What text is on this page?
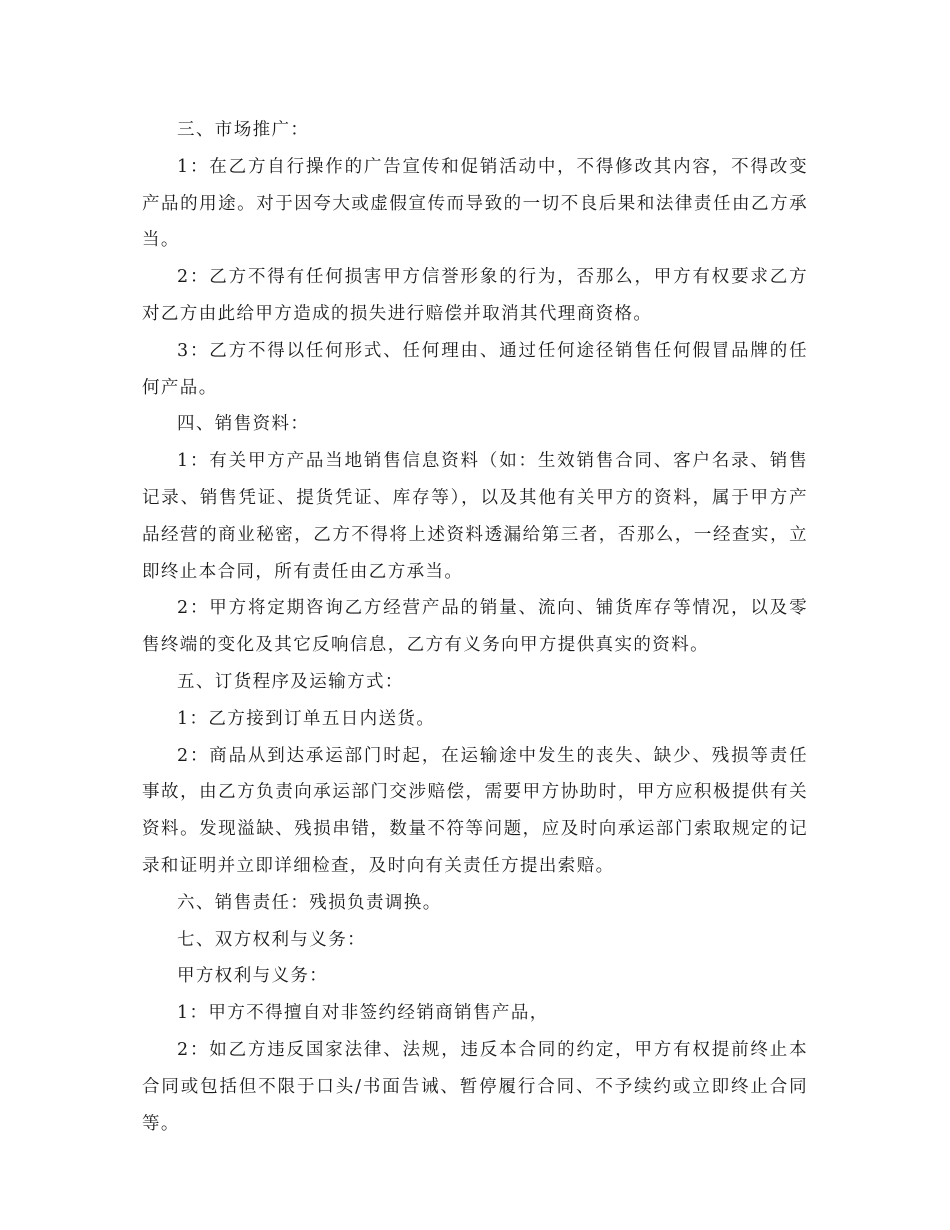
三、市场推广：

1：在乙方自行操作的广告宣传和促销活动中，不得修改其内容，不得改变产品的用途。对于因夸大或虚假宣传而导致的一切不良后果和法律责任由乙方承当。

2：乙方不得有任何损害甲方信誉形象的行为，否那么，甲方有权要求乙方对乙方由此给甲方造成的损失进行赔偿并取消其代理商资格。

3：乙方不得以任何形式、任何理由、通过任何途径销售任何假冒品牌的任何产品。

四、销售资料：

1：有关甲方产品当地销售信息资料（如：生效销售合同、客户名录、销售记录、销售凭证、提货凭证、库存等），以及其他有关甲方的资料，属于甲方产品经营的商业秘密，乙方不得将上述资料透漏给第三者，否那么，一经查实，立即终止本合同，所有责任由乙方承当。

2：甲方将定期咨询乙方经营产品的销量、流向、铺货库存等情况，以及零售终端的变化及其它反响信息，乙方有义务向甲方提供真实的资料。

五、订货程序及运输方式：

1：乙方接到订单五日内送货。

2：商品从到达承运部门时起，在运输途中发生的丧失、缺少、残损等责任事故，由乙方负责向承运部门交涉赔偿，需要甲方协助时，甲方应积极提供有关资料。发现溢缺、残损串错，数量不符等问题，应及时向承运部门索取规定的记录和证明并立即详细检查，及时向有关责任方提出索赔。

六、销售责任：残损负责调换。

七、双方权利与义务：

甲方权利与义务：

1：甲方不得擅自对非签约经销商销售产品，

2：如乙方违反国家法律、法规，违反本合同的约定，甲方有权提前终止本合同或包括但不限于口头/书面告诫、暂停履行合同、不予续约或立即终止合同等。
